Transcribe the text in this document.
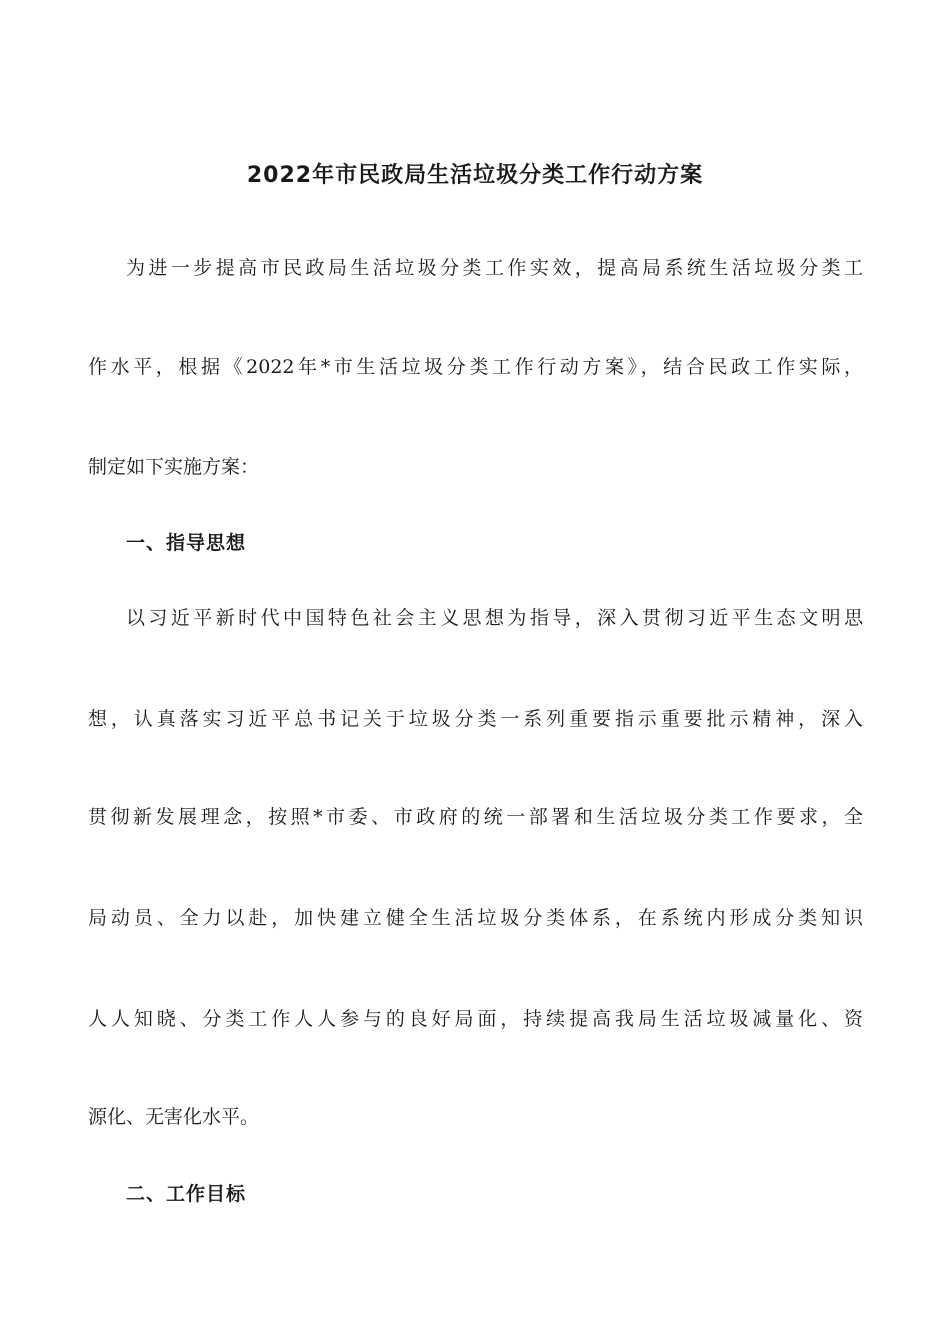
2022年市民政局生活垃圾分类工作行动方案
为进一步提高市民政局生活垃圾分类工作实效，提高局系统生活垃圾分类工
作水平，根据《2022年*市生活垃圾分类工作行动方案》，结合民政工作实际，
制定如下实施方案：
一、指导思想
以习近平新时代中国特色社会主义思想为指导，深入贯彻习近平生态文明思
想，认真落实习近平总书记关于垃圾分类一系列重要指示重要批示精神，深入
贯彻新发展理念，按照*市委、市政府的统一部署和生活垃圾分类工作要求，全
局动员、全力以赴，加快建立健全生活垃圾分类体系，在系统内形成分类知识
人人知晓、分类工作人人参与的良好局面，持续提高我局生活垃圾减量化、资
源化、无害化水平。
二、工作目标
